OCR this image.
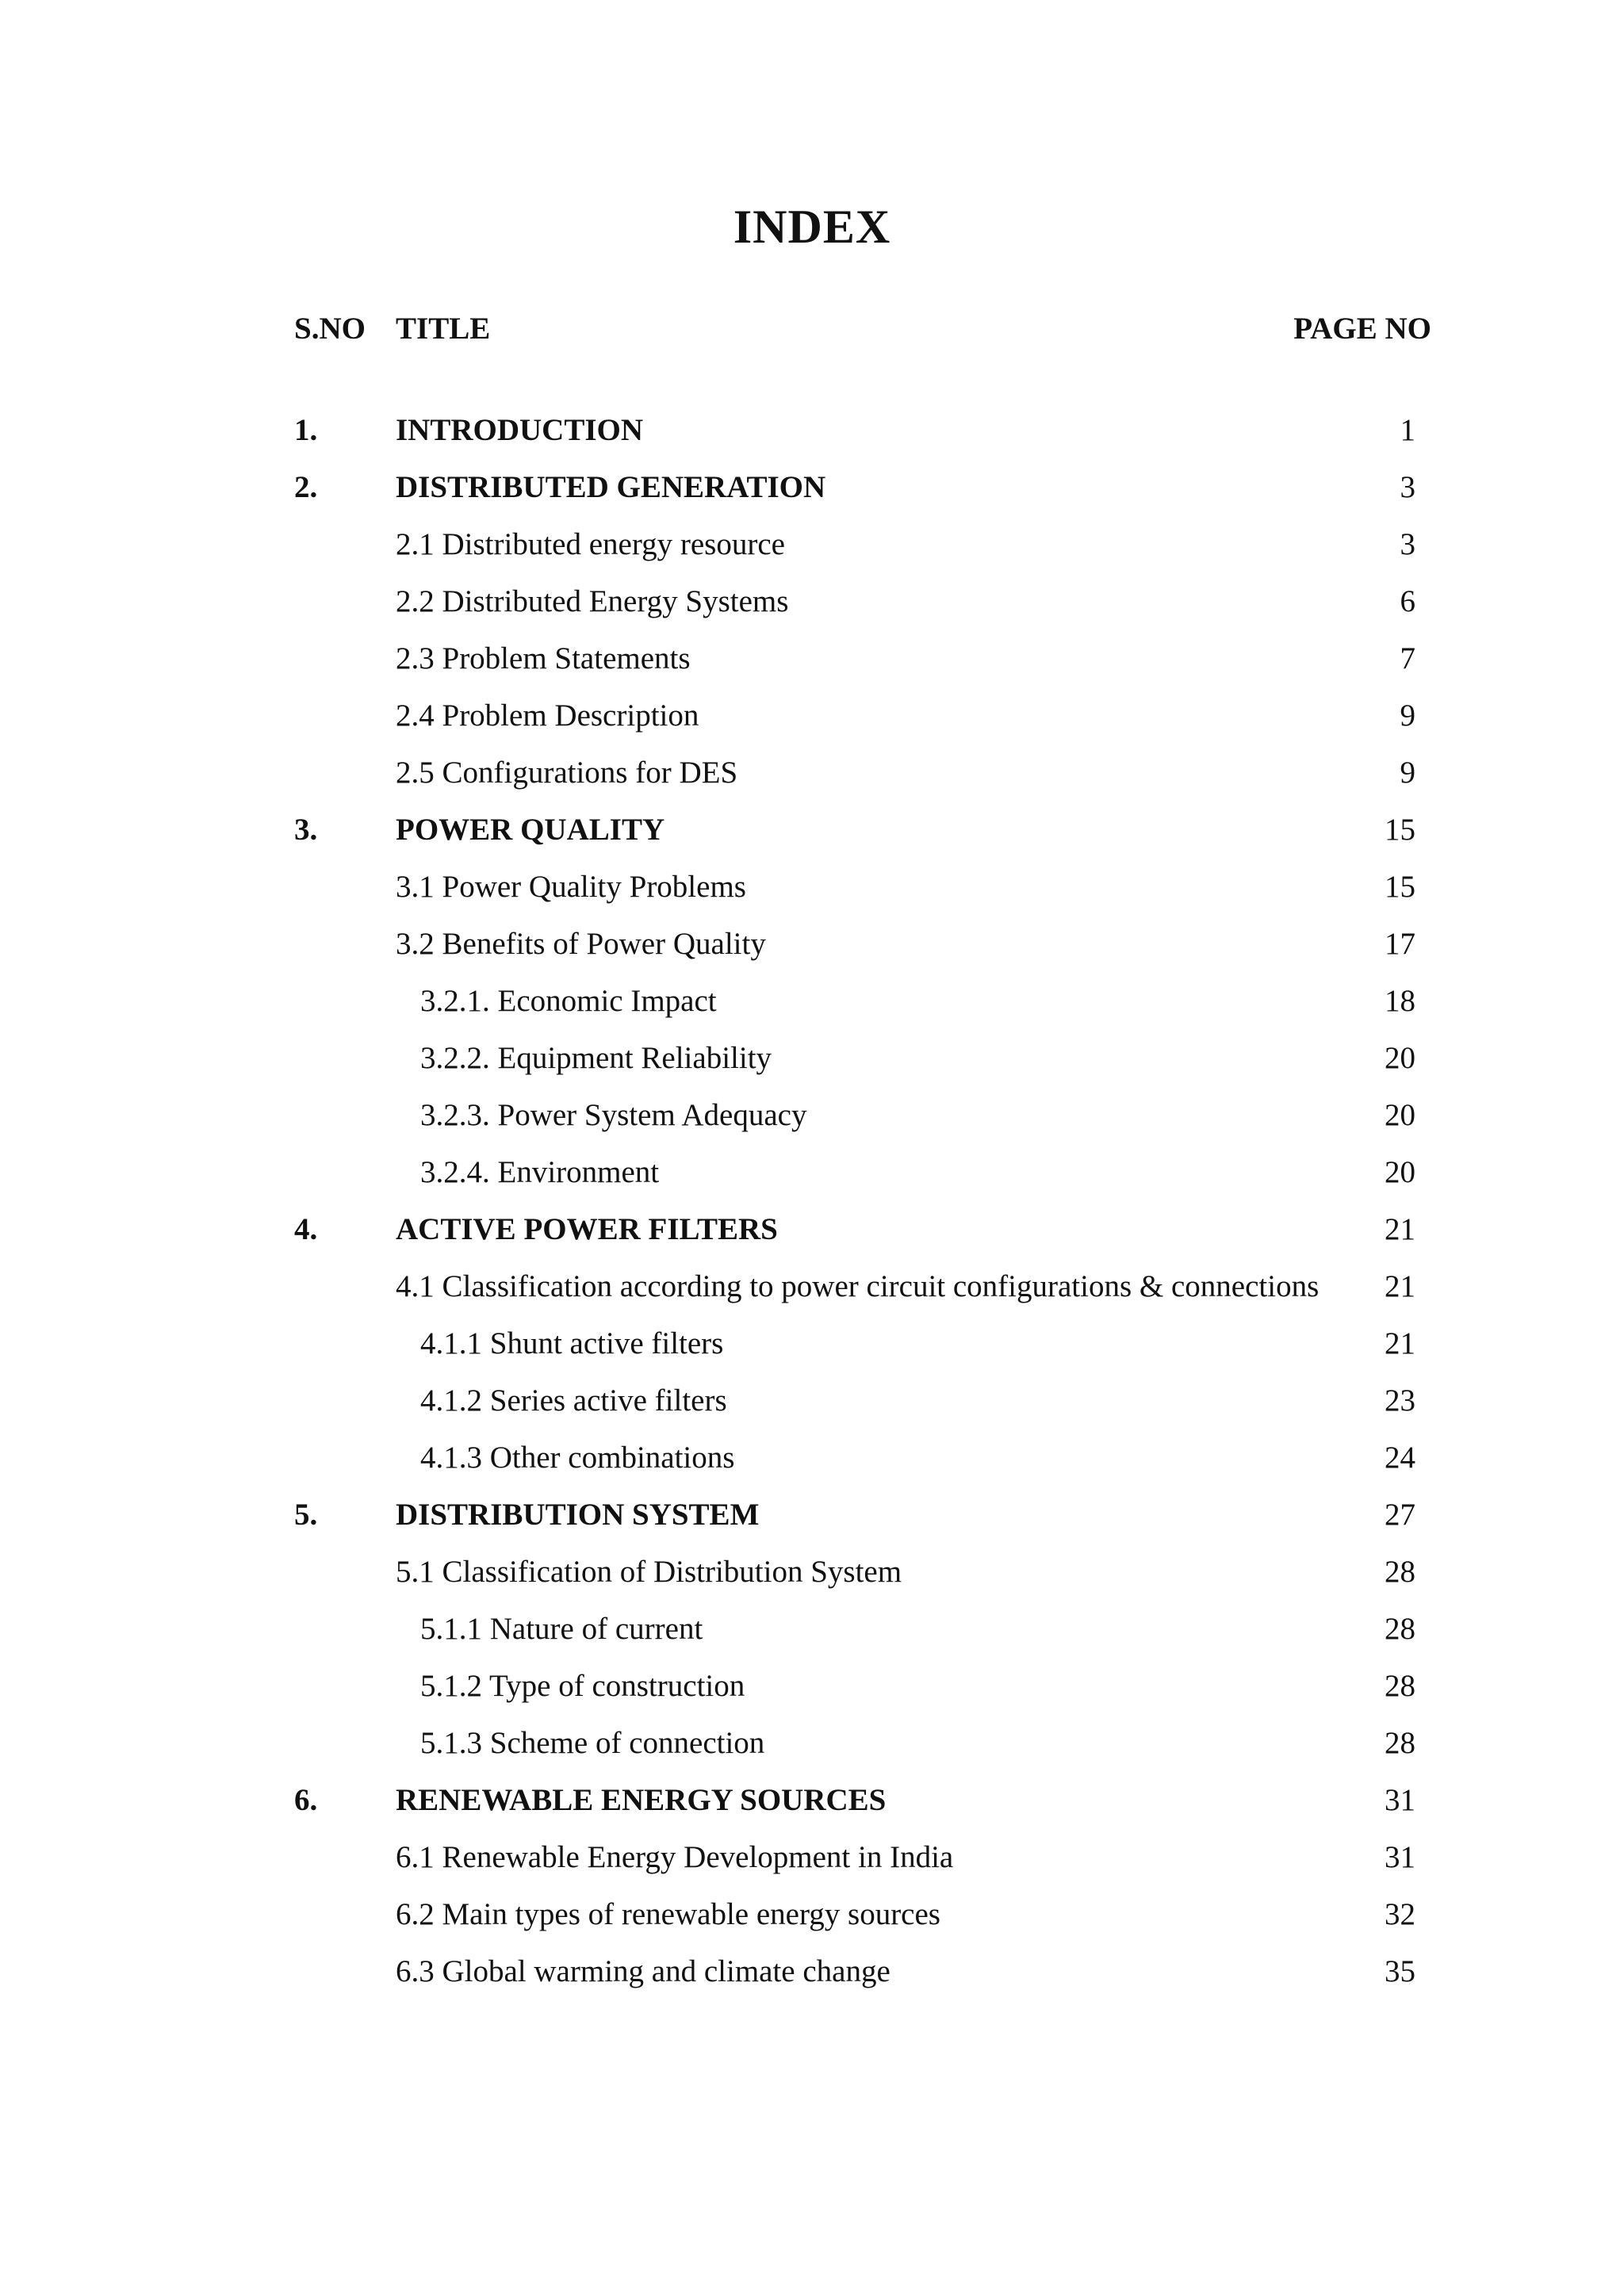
INDEX
S.NO TITLE	PAGE NO
1.	INTRODUCTION	1
2.	DISTRIBUTED GENERATION	3
2.1 Distributed energy resource	3
2.2 Distributed Energy Systems	6
2.3 Problem Statements	7
2.4 Problem Description	9
2.5 Configurations for DES	9
3.	POWER QUALITY	15
3.1 Power Quality Problems	15
3.2 Benefits of Power Quality	17
3.2.1. Economic Impact	18
3.2.2. Equipment Reliability	20
3.2.3. Power System Adequacy	20
3.2.4. Environment	20
4.	ACTIVE POWER FILTERS	21
4.1 Classification according to power circuit configurations & connections 21
4.1.1 Shunt active filters	21
4.1.2 Series active filters	23
4.1.3 Other combinations	24
5.	DISTRIBUTION SYSTEM	27
5.1 Classification of Distribution System	28
5.1.1 Nature of current	28
5.1.2 Type of construction	28
5.1.3 Scheme of connection	28
6.	RENEWABLE ENERGY SOURCES	31
6.1 Renewable Energy Development in India	31
6.2 Main types of renewable energy sources	32
6.3 Global warming and climate change	35
